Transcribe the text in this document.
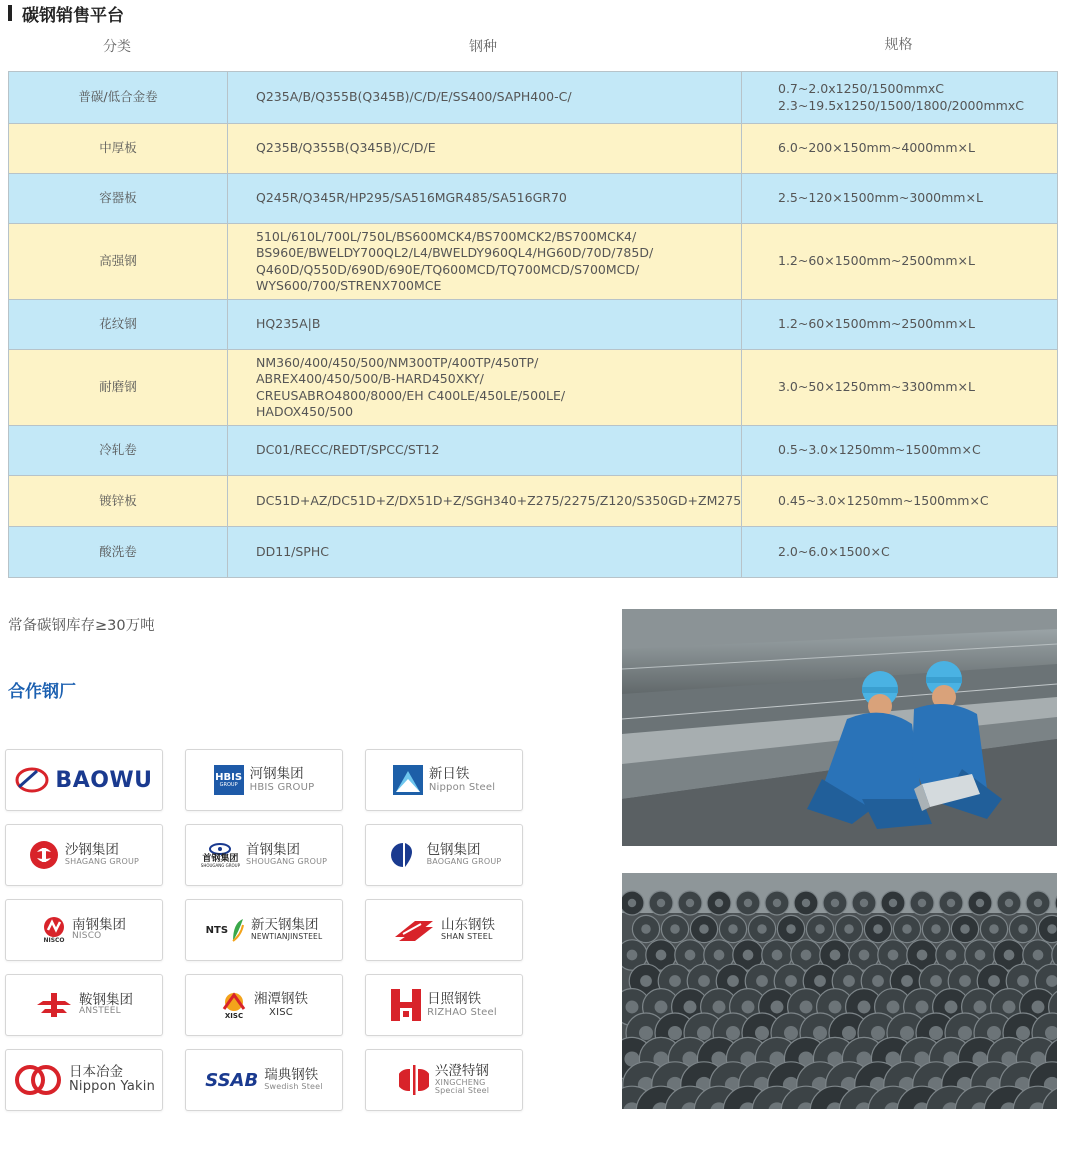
碳钢销售平台
分类	钢种	规格
普碳/低合金卷	Q235A/B/Q355B(Q345B)/C/D/E/SS400/SAPH400-C/	0.7~2.0x1250/1500mmxC
2.3~19.5x1250/1500/1800/2000mmxC

中厚板	Q235B/Q355B(Q345B)/C/D/E	6.0~200×150mm~4000mm×L

容器板	Q245R/Q345R/HP295/SA516MGR485/SA516GR70	2.5~120×1500mm~3000mm×L

高强钢	510L/610L/700L/750L/BS600MCK4/BS700MCK2/BS700MCK4/
BS960E/BWELDY700QL2/L4/BWELDY960QL4/HG60D/70D/785D/
Q460D/Q550D/690D/690E/TQ600MCD/TQ700MCD/S700MCD/
WYS600/700/STRENX700MCE	1.2~60×1500mm~2500mm×L

花纹钢	HQ235A|B	1.2~60×1500mm~2500mm×L

耐磨钢	NM360/400/450/500/NM300TP/400TP/450TP/
ABREX400/450/500/B-HARD450XKY/
CREUSABRO4800/8000/EH C400LE/450LE/500LE/
HADOX450/500	3.0~50×1250mm~3300mm×L

冷轧卷	DC01/RECC/REDT/SPCC/ST12	0.5~3.0×1250mm~1500mm×C

镀锌板	DC51D+AZ/DC51D+Z/DX51D+Z/SGH340+Z275/2275/Z120/S350GD+ZM275	0.45~3.0×1250mm~1500mm×C

酸洗卷	DD11/SPHC	2.0~6.0×1500×C
常备碳钢库存≥30万吨
合作钢厂
BAOWU	HBIS
GROUP
河钢集团
HBIS GROUP
新日铁
Nippon Steel
沙钢集团
SHAGANG GROUP	首钢集团
SHOUGANG GROUP
首钢集团
SHOUGANG GROUP
包钢集团
BAOGANG GROUP
NISCO
南钢集团
NISCO
NTS 新天钢集团
NEWTIANJINSTEEL
山东钢铁
SHAN STEEL
鞍钢集团
ANSTEEL	XISC
湘潭钢铁
XISC
日照钢铁
RIZHAO Steel
日本冶金
Nippon Yakin	SSAB 瑞典钢铁
Swedish Steel
兴澄特钢
XINGCHENG
Special Steel
